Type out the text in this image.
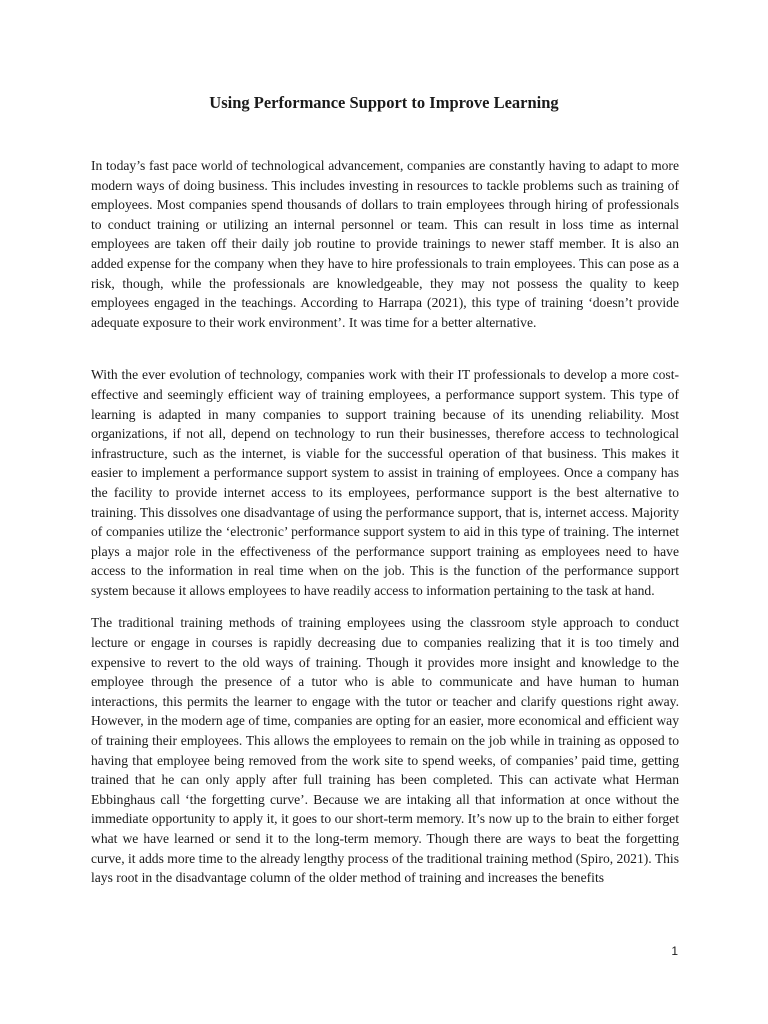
Using Performance Support to Improve Learning

In today’s fast pace world of technological advancement, companies are constantly having to adapt to more modern ways of doing business. This includes investing in resources to tackle problems such as training of employees. Most companies spend thousands of dollars to train employees through hiring of professionals to conduct training or utilizing an internal personnel or team. This can result in loss time as internal employees are taken off their daily job routine to provide trainings to newer staff member. It is also an added expense for the company when they have to hire professionals to train employees. This can pose as a risk, though, while the professionals are knowledgeable, they may not possess the quality to keep employees engaged in the teachings. According to Harrapa (2021), this type of training ‘doesn’t provide adequate exposure to their work environment’. It was time for a better alternative.

With the ever evolution of technology, companies work with their IT professionals to develop a more cost-effective and seemingly efficient way of training employees, a performance support system. This type of learning is adapted in many companies to support training because of its unending reliability. Most organizations, if not all, depend on technology to run their businesses, therefore access to technological infrastructure, such as the internet, is viable for the successful operation of that business. This makes it easier to implement a performance support system to assist in training of employees. Once a company has the facility to provide internet access to its employees, performance support is the best alternative to training. This dissolves one disadvantage of using the performance support, that is, internet access. Majority of companies utilize the ‘electronic’ performance support system to aid in this type of training. The internet plays a major role in the effectiveness of the performance support training as employees need to have access to the information in real time when on the job. This is the function of the performance support system because it allows employees to have readily access to information pertaining to the task at hand.

The traditional training methods of training employees using the classroom style approach to conduct lecture or engage in courses is rapidly decreasing due to companies realizing that it is too timely and expensive to revert to the old ways of training. Though it provides more insight and knowledge to the employee through the presence of a tutor who is able to communicate and have human to human interactions, this permits the learner to engage with the tutor or teacher and clarify questions right away. However, in the modern age of time, companies are opting for an easier, more economical and efficient way of training their employees. This allows the employees to remain on the job while in training as opposed to having that employee being removed from the work site to spend weeks, of companies’ paid time, getting trained that he can only apply after full training has been completed. This can activate what Herman Ebbinghaus call ‘the forgetting curve’. Because we are intaking all that information at once without the immediate opportunity to apply it, it goes to our short-term memory. It’s now up to the brain to either forget what we have learned or send it to the long-term memory. Though there are ways to beat the forgetting curve, it adds more time to the already lengthy process of the traditional training method (Spiro, 2021). This lays root in the disadvantage column of the older method of training and increases the benefits

1
